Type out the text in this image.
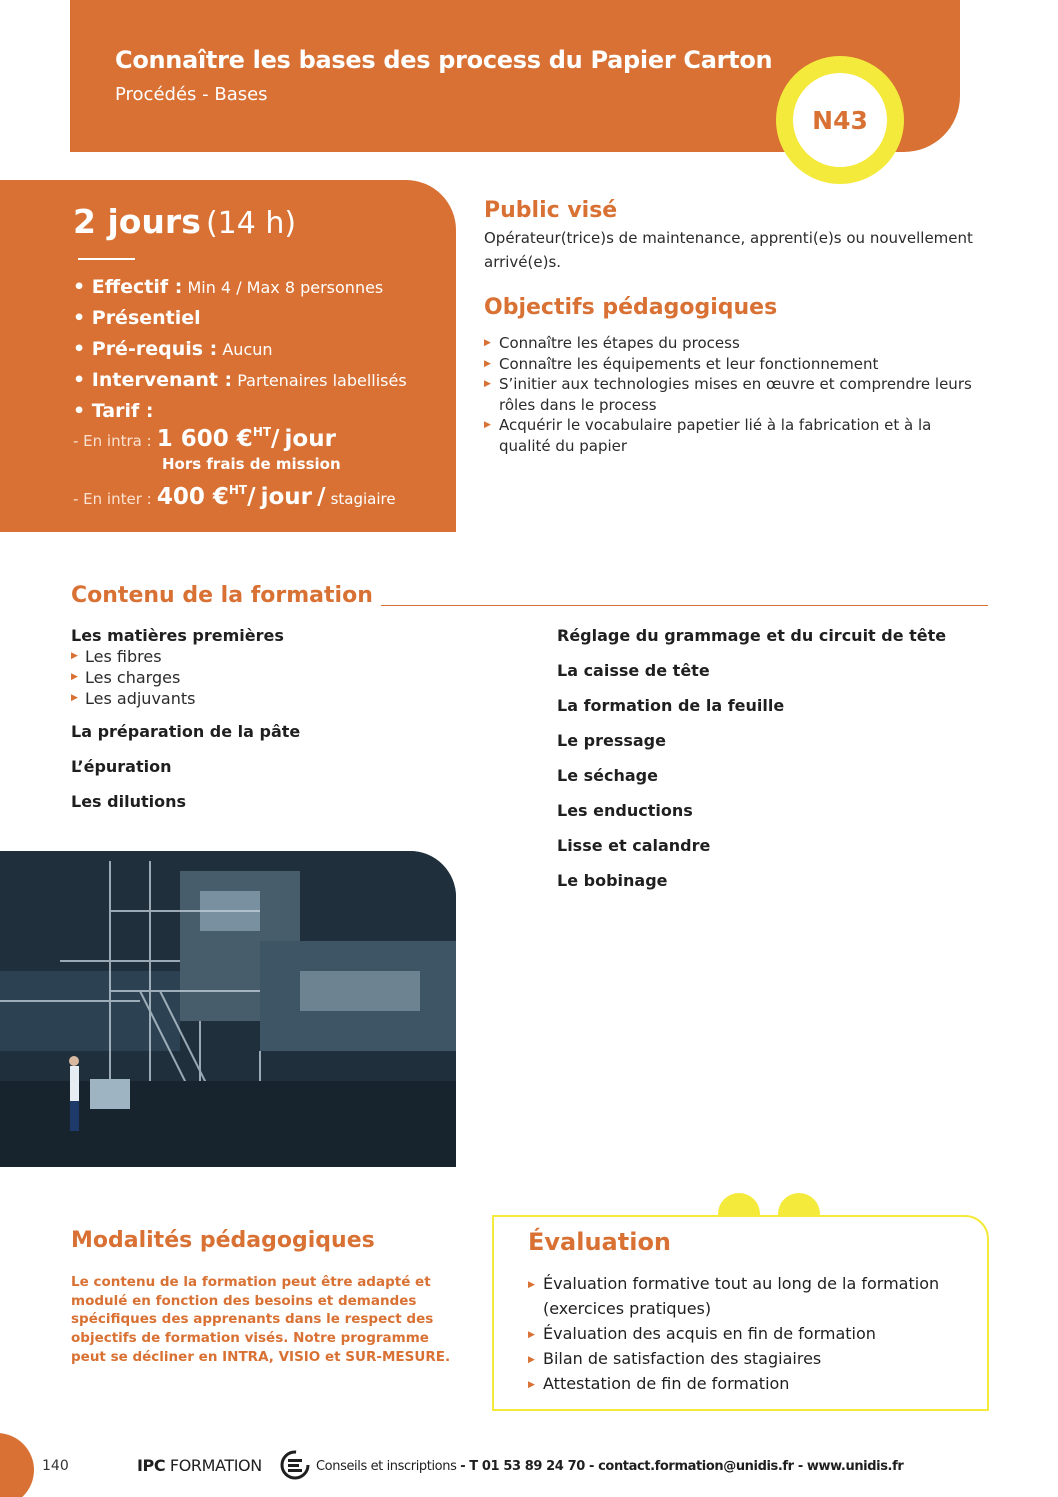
Connaître les bases des process du Papier Carton
Procédés - Bases
N43
2 jours (14 h)
• Effectif : Min 4 / Max 8 personnes
• Présentiel
• Pré-requis : Aucun
• Intervenant : Partenaires labellisés
• Tarif :
- En intra : 1 600 €$^{HT}$/ jour
Hors frais de mission
- En inter : 400 €$^{HT}$/ jour / stagiaire
Public visé
Opérateur(trice)s de maintenance, apprenti(e)s ou nouvellement arrivé(e)s.
Objectifs pédagogiques
▶ Connaître les étapes du process
▶ Connaître les équipements et leur fonctionnement
▶ S’initier aux technologies mises en œuvre et comprendre leurs rôles dans le process
▶ Acquérir le vocabulaire papetier lié à la fabrication et à la qualité du papier
Contenu de la formation
Les matières premières
▶ Les fibres
▶ Les charges
▶ Les adjuvants
La préparation de la pâte
L’épuration
Les dilutions
Réglage du grammage et du circuit de tête
La caisse de tête
La formation de la feuille
Le pressage
Le séchage
Les enductions
Lisse et calandre
Le bobinage
Modalités pédagogiques
Le contenu de la formation peut être adapté et modulé en fonction des besoins et demandes spécifiques des apprenants dans le respect des objectifs de formation visés. Notre programme peut se décliner en INTRA, VISIO et SUR-MESURE.
Évaluation
▶ Évaluation formative tout au long de la formation (exercices pratiques)
▶ Évaluation des acquis en fin de formation
▶ Bilan de satisfaction des stagiaires
▶ Attestation de fin de formation
140	IPC FORMATION	Conseils et inscriptions - T 01 53 89 24 70 - contact.formation@unidis.fr - www.unidis.fr
